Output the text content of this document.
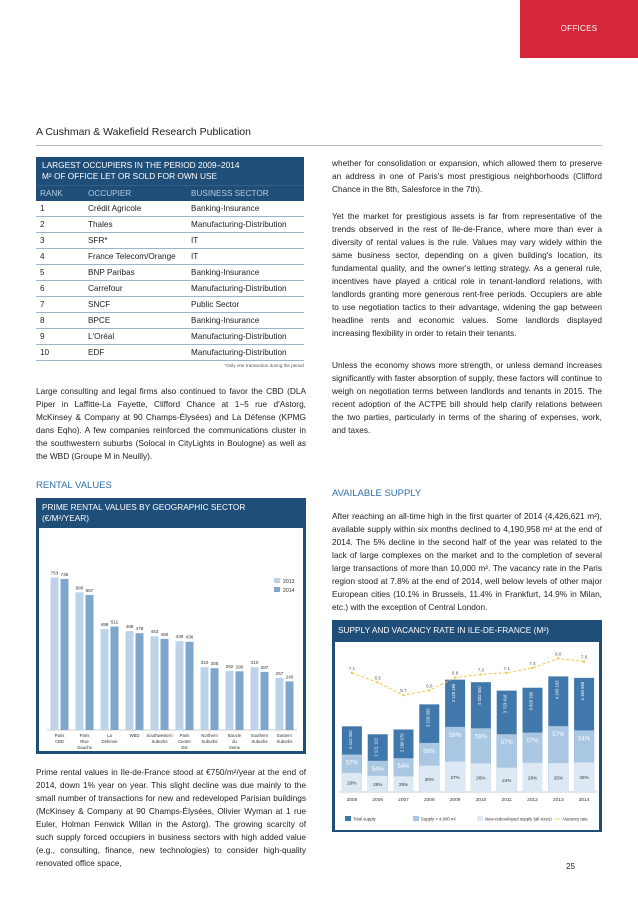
OFFICES
A Cushman & Wakefield Research Publication
LARGEST OCCUPIERS IN THE PERIOD 2009–2014
M² OF OFFICE LET OR SOLD FOR OWN USE
RANK	OCCUPIER	BUSINESS SECTOR
1	Crédit Agricole	Banking-Insurance
2	Thales	Manufacturing-Distribution
3	SFR*	IT
4	France Telecom/Orange	IT
5	BNP Paribas	Banking-Insurance
6	Carrefour	Manufacturing-Distribution
7	SNCF	Public Sector
8	BPCE	Banking-Insurance
9	L'Oréal	Manufacturing-Distribution
10	EDF	Manufacturing-Distribution
*Only one transaction during the period
Large consulting and legal firms also continued to favor the CBD (DLA Piper in Laffitte-La Fayette, Clifford Chance at 1−5 rue d'Astorg, McKinsey & Company at 90 Champs-Élysées) and La Défense (KPMG dans Eqho). A few companies reinforced the communications cluster in the southwestern suburbs (Solocal in CityLights in Boulogne) as well as the WBD (Groupe M in Neuilly).
RENTAL VALUES
PRIME RENTAL VALUES BY GEOGRAPHIC SECTOR
(€/M²/YEAR)
753 746
Paris
CBD
680
667
Paris
Rive
Gauche
498
511
La
Défense
488 478
WBD
463
450
Southwestern
Suburbs
439 436
Paris
Centre
Est
310 305
Northern
Suburbs
292 290
Boucle
du
Seine
310
287
Southern
Suburbs
257
240
Eastern
Suburbs
2013
2014
Prime rental values in Ile-de-France stood at €750/m²/year at the end of 2014, down 1% year on year. This slight decline was due mainly to the small number of transactions for new and redeveloped Parisian buildings (McKinsey & Company at 90 Champs-Élysées, Olivier Wyman at 1 rue Euler, Holman Fenwick Willan in the Astorg). The growing scarcity of such supply forced occupiers in business sectors with high added value (e.g., consulting, finance, new technologies) to consider high-quality renovated office space,
whether for consolidation or expansion, which allowed them to preserve an address in one of Paris's most prestigious neighborhoods (Clifford Chance in the 8th, Salesforce in the 7th).
Yet the market for prestigious assets is far from representative of the trends observed in the rest of Ile-de-France, where more than ever a diversity of rental values is the rule. Values may vary widely within the same business sector, depending on a given building's location, its fundamental quality, and the owner's letting strategy. As a general rule, incentives have played a critical role in tenant-landlord relations, with landlords granting more generous rent-free periods. Occupiers are able to use negotiation tactics to their advantage, widening the gap between headline rents and economic values. Some landlords displayed increasing flexibility in order to retain their tenants.
Unless the economy shows more strength, or unless demand increases significantly with faster absorption of supply, these factors will continue to weigh on negotiation terms between landlords and tenants in 2015. The recent adoption of the ACTPE bill should help clarify relations between the two parties, particularly in terms of the sharing of expenses, work, and taxes.
AVAILABLE SUPPLY
After reaching an all-time high in the first quarter of 2014 (4,426,621 m²), available supply within six months declined to 4,190,958 m² at the end of 2014. The 5% decline in the second half of the year was related to the lack of large complexes on the market and to the completion of several large transactions of more than 10,000 m². The vacancy rate in the Paris region stood at 7.8% at the end of 2014, well below levels of other major European cities (10.1% in Brussels, 11.4% in Frankfurt, 14.9% in Milan, etc.) with the exception of Central London.
SUPPLY AND VACANCY RATE IN ILE-DE-FRANCE (M²)
57%
29%
2 412 000
2005
54%
28%
2 121 113
2006
54%
25%
2 296 676
2007
56%
30%
3 218 000
2008
58%
27%
4 125 195
2009
58%
26%
4 032 000
2010
57%
24%
3 723 418
2011
57%
28%
3 828 390
2012
57%
25%
4 245 165
2013
54%
26%
4 190 958
2014
7.1
6.5
5.7
6.0
6.8
7.0	7.1
7.4
8.0
7.8
Total supply	Supply > 4,000 m²	New-redeveloped supply (all sizes)	Vacancy rate
25
